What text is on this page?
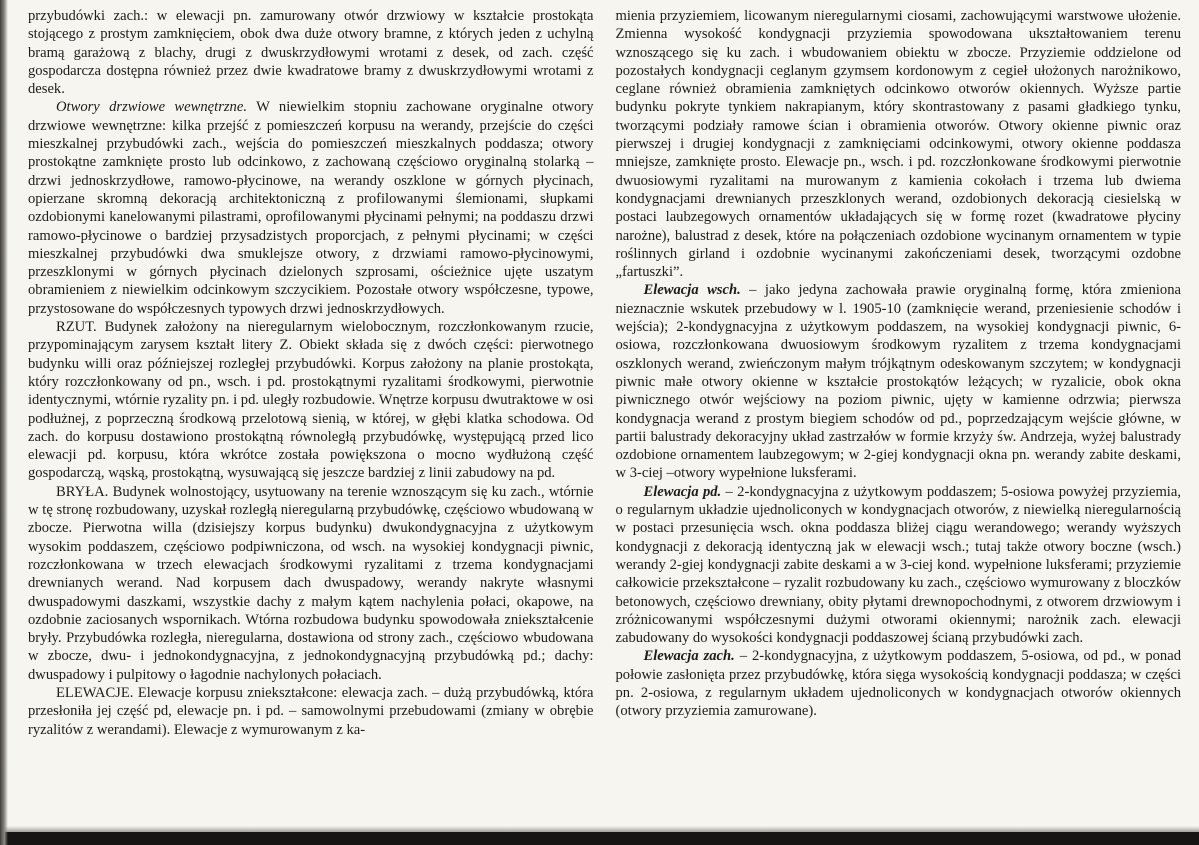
przybudówki zach.: w elewacji pn. zamurowany otwór drzwiowy w kształcie prostokąta stojącego z prostym zamknięciem, obok dwa duże otwory bramne, z których jeden z uchylną bramą garażową z blachy, drugi z dwuskrzydłowymi wrotami z desek, od zach. część gospodarcza dostępna również przez dwie kwadratowe bramy z dwuskrzydłowymi wrotami z desek.

Otwory drzwiowe wewnętrzne. W niewielkim stopniu zachowane oryginalne otwory drzwiowe wewnętrzne: kilka przejść z pomieszczeń korpusu na werandy, przejście do części mieszkalnej przybudówki zach., wejścia do pomieszczeń mieszkalnych poddasza; otwory prostokątne zamknięte prosto lub odcinkowo, z zachowaną częściowo oryginalną stolarką – drzwi jednoskrzydłowe, ramowo-płycinowe, na werandy oszklone w górnych płycinach, opierzane skromną dekoracją architektoniczną z profilowanymi ślemionami, słupkami ozdobionymi kanelowanymi pilastrami, oprofilowanymi płycinami pełnymi; na poddaszu drzwi ramowo-płycinowe o bardziej przysadzistych proporcjach, z pełnymi płycinami; w części mieszkalnej przybudówki dwa smuklejsze otwory, z drzwiami ramowo-płycinowymi, przeszklonymi w górnych płycinach dzielonych szprosami, ościeżnice ujęte uszatym obramieniem z niewielkim odcinkowym szczycikiem. Pozostałe otwory współczesne, typowe, przystosowane do współczesnych typowych drzwi jednoskrzydłowych.

RZUT. Budynek założony na nieregularnym wielobocznym, rozczłonkowanym rzucie, przypominającym zarysem kształt litery Z. Obiekt składa się z dwóch części: pierwotnego budynku willi oraz późniejszej rozległej przybudówki. Korpus założony na planie prostokąta, który rozczłonkowany od pn., wsch. i pd. prostokątnymi ryzalitami środkowymi, pierwotnie identycznymi, wtórnie ryzality pn. i pd. uległy rozbudowie. Wnętrze korpusu dwutraktowe w osi podłużnej, z poprzeczną środkową przelotową sienią, w której, w głębi klatka schodowa. Od zach. do korpusu dostawiono prostokątną równoległą przybudówkę, występującą przed lico elewacji pd. korpusu, która wkrótce została powiększona o mocno wydłużoną część gospodarczą, wąską, prostokątną, wysuwającą się jeszcze bardziej z linii zabudowy na pd.

BRYŁA. Budynek wolnostojący, usytuowany na terenie wznoszącym się ku zach., wtórnie w tę stronę rozbudowany, uzyskał rozległą nieregularną przybudówkę, częściowo wbudowaną w zbocze. Pierwotna willa (dzisiejszy korpus budynku) dwukondygnacyjna z użytkowym wysokim poddaszem, częściowo podpiwniczona, od wsch. na wysokiej kondygnacji piwnic, rozczłonkowana w trzech elewacjach środkowymi ryzalitami z trzema kondygnacjami drewnianych werand. Nad korpusem dach dwuspadowy, werandy nakryte własnymi dwuspadowymi daszkami, wszystkie dachy z małym kątem nachylenia połaci, okapowe, na ozdobnie zaciosanych wspornikach. Wtórna rozbudowa budynku spowodowała zniekształcenie bryły. Przybudówka rozległa, nieregularna, dostawiona od strony zach., częściowo wbudowana w zbocze, dwu- i jednokondygnacyjna, z jednokondygnacyjną przybudówką pd.; dachy: dwuspadowy i pulpitowy o łagodnie nachylonych połaciach.

ELEWACJE. Elewacje korpusu zniekształcone: elewacja zach. – dużą przybudówką, która przesłoniła jej część pd, elewacje pn. i pd. – samowolnymi przebudowami (zmiany w obrębie ryzalitów z werandami). Elewacje z wymurowanym z ka-

mienia przyziemiem, licowanym nieregularnymi ciosami, zachowującymi warstwowe ułożenie. Zmienna wysokość kondygnacji przyziemia spowodowana ukształtowaniem terenu wznoszącego się ku zach. i wbudowaniem obiektu w zbocze. Przyziemie oddzielone od pozostałych kondygnacji ceglanym gzymsem kordonowym z cegieł ułożonych narożnikowo, ceglane również obramienia zamkniętych odcinkowo otworów okiennych. Wyższe partie budynku pokryte tynkiem nakrapianym, który skontrastowany z pasami gładkiego tynku, tworzącymi podziały ramowe ścian i obramienia otworów. Otwory okienne piwnic oraz pierwszej i drugiej kondygnacji z zamknięciami odcinkowymi, otwory okienne poddasza mniejsze, zamknięte prosto. Elewacje pn., wsch. i pd. rozczłonkowane środkowymi pierwotnie dwuosiowymi ryzalitami na murowanym z kamienia cokołach i trzema lub dwiema kondygnacjami drewnianych przeszklonych werand, ozdobionych dekoracją ciesielską w postaci laubzegowych ornamentów układających się w formę rozet (kwadratowe płyciny narożne), balustrad z desek, które na połączeniach ozdobione wycinanym ornamentem w typie roślinnych girland i ozdobnie wycinanymi zakończeniami desek, tworzącymi ozdobne „fartuszki”.

Elewacja wsch. – jako jedyna zachowała prawie oryginalną formę, która zmieniona nieznacznie wskutek przebudowy w l. 1905-10 (zamknięcie werand, przeniesienie schodów i wejścia); 2-kondygnacyjna z użytkowym poddaszem, na wysokiej kondygnacji piwnic, 6-osiowa, rozczłonkowana dwuosiowym środkowym ryzalitem z trzema kondygnacjami oszklonych werand, zwieńczonym małym trójkątnym odeskowanym szczytem; w kondygnacji piwnic małe otwory okienne w kształcie prostokątów leżących; w ryzalicie, obok okna piwnicznego otwór wejściowy na poziom piwnic, ujęty w kamienne odrzwia; pierwsza kondygnacja werand z prostym biegiem schodów od pd., poprzedzającym wejście główne, w partii balustrady dekoracyjny układ zastrzałów w formie krzyży św. Andrzeja, wyżej balustrady ozdobione ornamentem laubzegowym; w 2-giej kondygnacji okna pn. werandy zabite deskami, w 3-ciej –otwory wypełnione luksferami.

Elewacja pd. – 2-kondygnacyjna z użytkowym poddaszem; 5-osiowa powyżej przyziemia, o regularnym układzie ujednoliconych w kondygnacjach otworów, z niewielką nieregularnością w postaci przesunięcia wsch. okna poddasza bliżej ciągu werandowego; werandy wyższych kondygnacji z dekoracją identyczną jak w elewacji wsch.; tutaj także otwory boczne (wsch.) werandy 2-giej kondygnacji zabite deskami a w 3-ciej kond. wypełnione luksferami; przyziemie całkowicie przekształcone – ryzalit rozbudowany ku zach., częściowo wymurowany z bloczków betonowych, częściowo drewniany, obity płytami drewnopochodnymi, z otworem drzwiowym i zróżnicowanymi współczesnymi dużymi otworami okiennymi; narożnik zach. elewacji zabudowany do wysokości kondygnacji poddaszowej ścianą przybudówki zach.

Elewacja zach. – 2-kondygnacyjna, z użytkowym poddaszem, 5-osiowa, od pd., w ponad połowie zasłonięta przez przybudówkę, która sięga wysokością kondygnacji poddasza; w części pn. 2-osiowa, z regularnym układem ujednoliconych w kondygnacjach otworów okiennych (otwory przyziemia zamurowane).
